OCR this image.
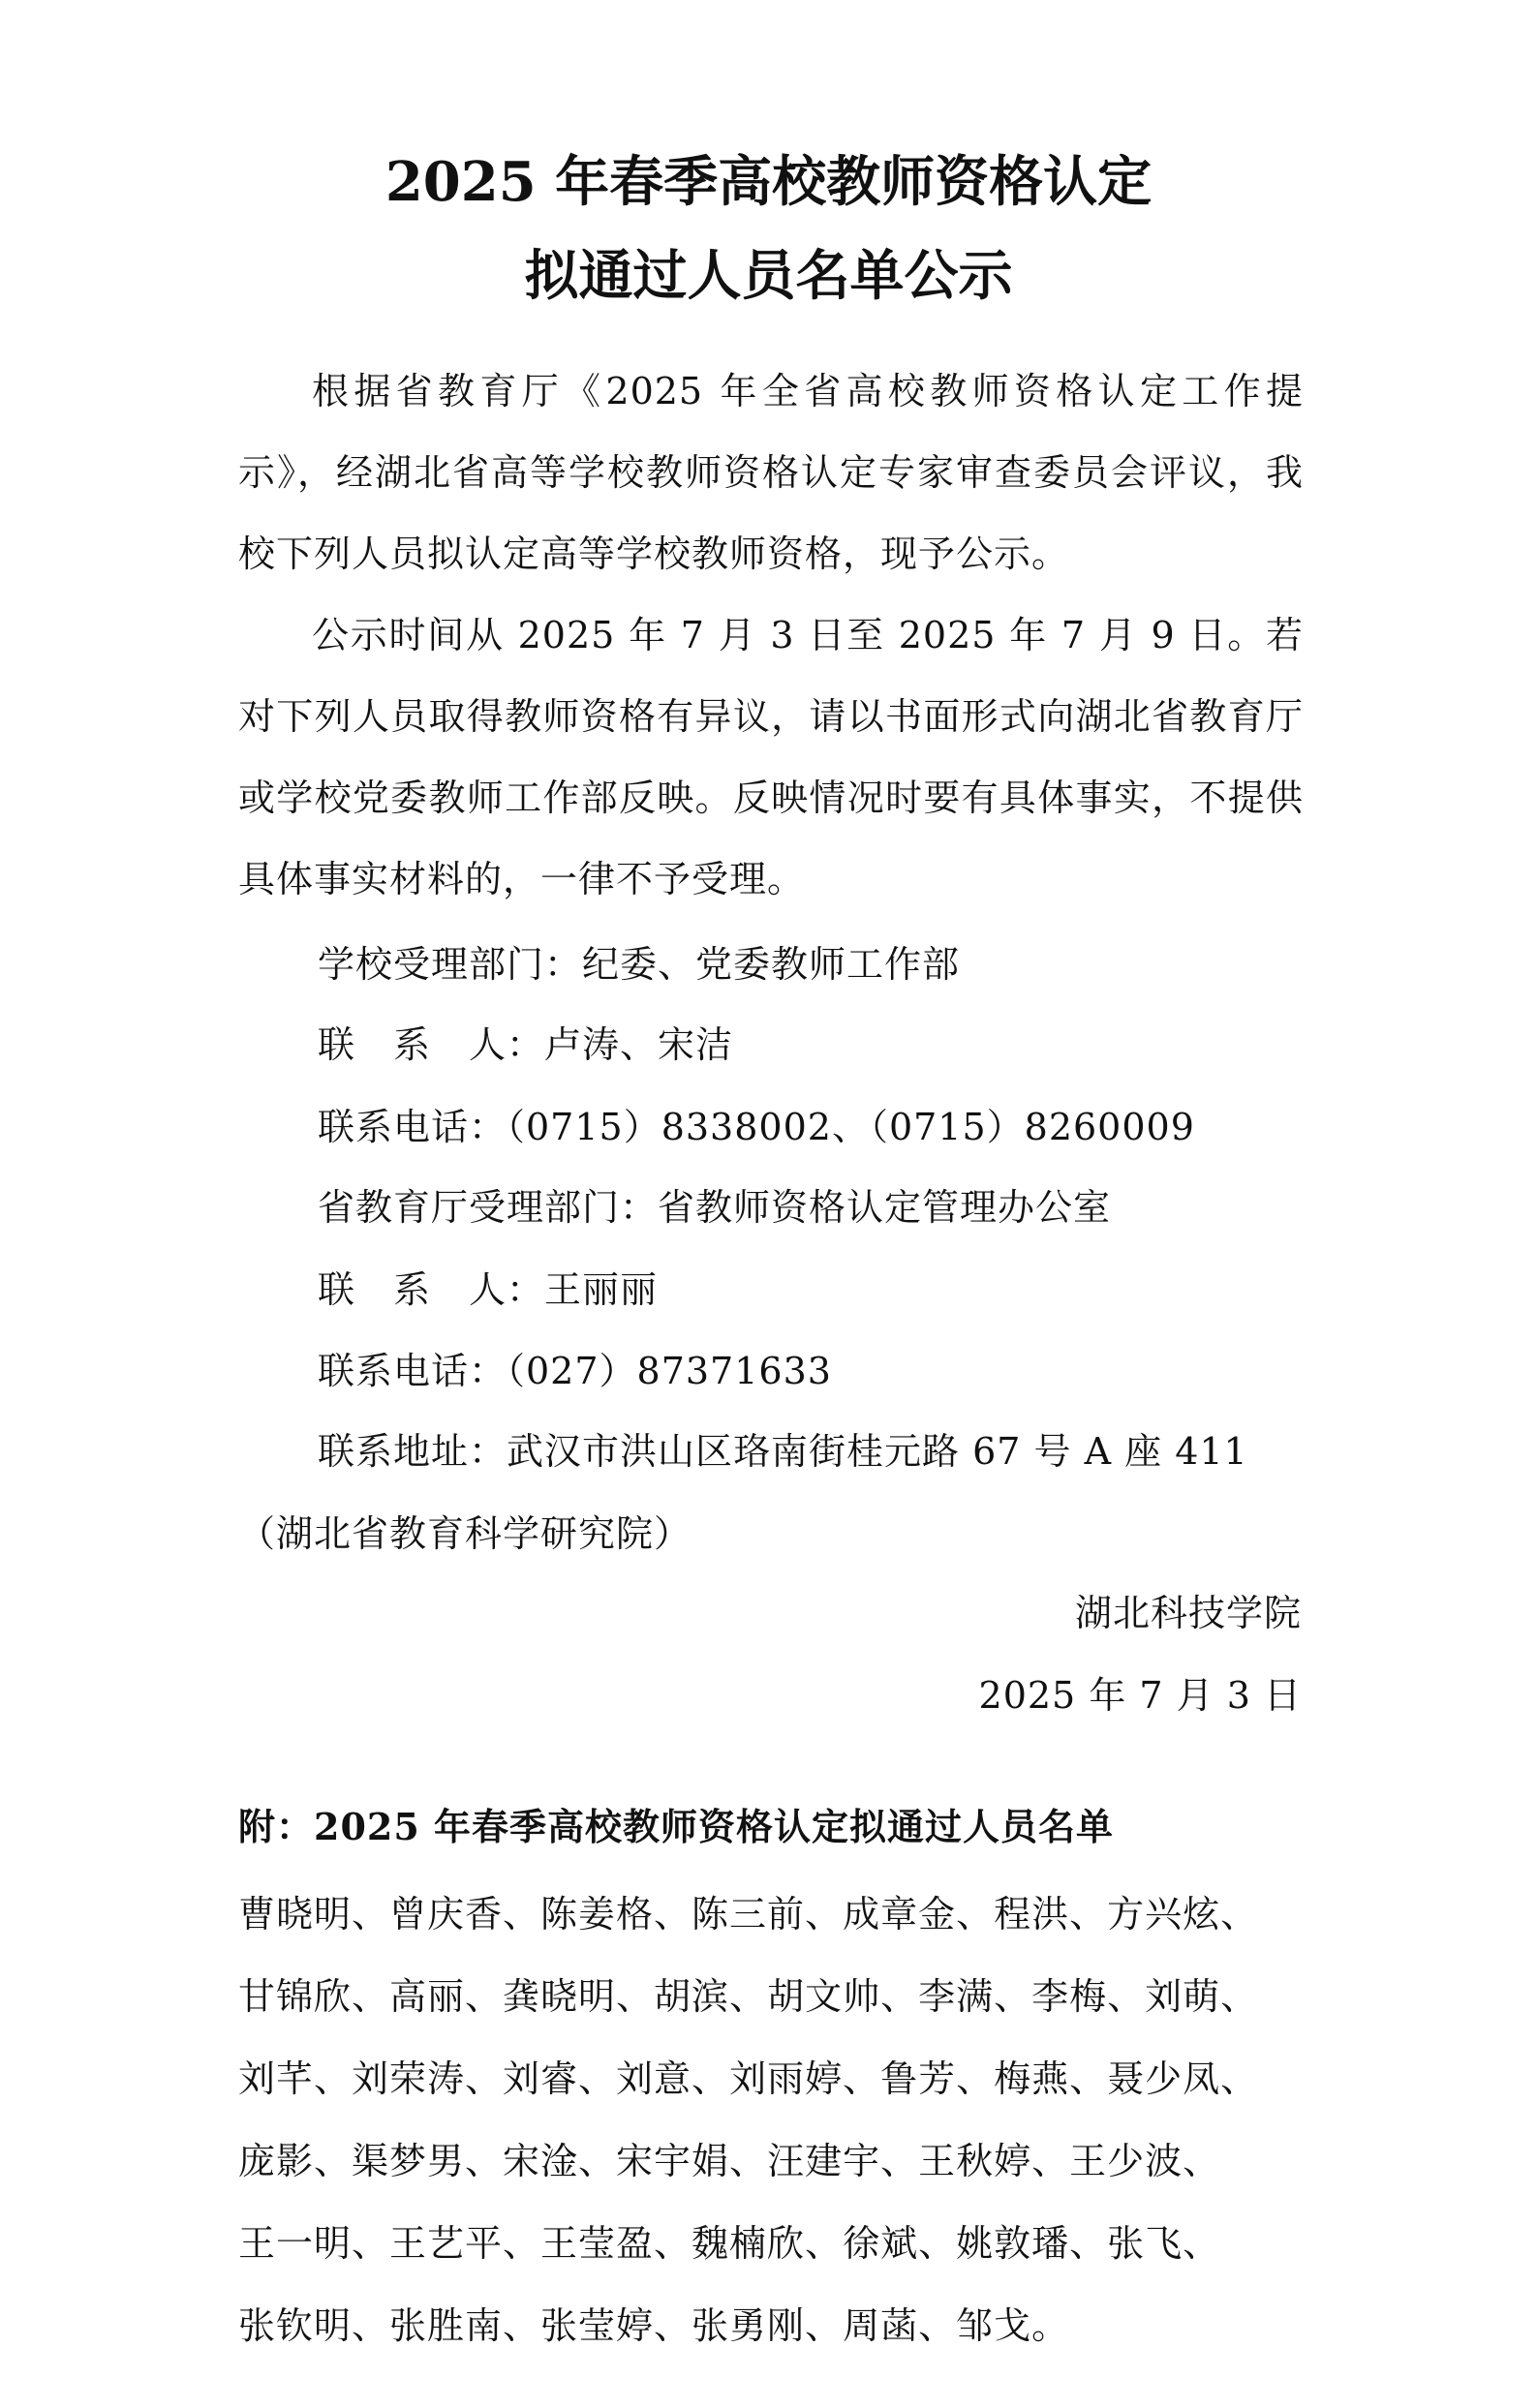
2025 年春季高校教师资格认定
拟通过人员名单公示

根据省教育厅《2025 年全省高校教师资格认定工作提示》，经湖北省高等学校教师资格认定专家审查委员会评议，我校下列人员拟认定高等学校教师资格，现予公示。

公示时间从 2025 年 7 月 3 日至 2025 年 7 月 9 日。若对下列人员取得教师资格有异议，请以书面形式向湖北省教育厅或学校党委教师工作部反映。反映情况时要有具体事实，不提供具体事实材料的，一律不予受理。

学校受理部门：纪委、党委教师工作部

联　系　人：卢涛、宋洁

联系电话：（0715）8338002、（0715）8260009

省教育厅受理部门：省教师资格认定管理办公室

联　系　人：王丽丽

联系电话：（027）87371633

联系地址：武汉市洪山区珞南街桂元路 67 号 A 座 411

（湖北省教育科学研究院）

湖北科技学院

2025 年 7 月 3 日

附：2025 年春季高校教师资格认定拟通过人员名单

曹晓明、曾庆香、陈姜格、陈三前、成章金、程洪、方兴炫、甘锦欣、高丽、龚晓明、胡滨、胡文帅、李满、李梅、刘萌、刘芊、刘荣涛、刘睿、刘意、刘雨婷、鲁芳、梅燕、聂少凤、庞影、渠梦男、宋淦、宋宇娟、汪建宇、王秋婷、王少波、王一明、王艺平、王莹盈、魏楠欣、徐斌、姚敦璠、张飞、张钦明、张胜南、张莹婷、张勇刚、周菡、邹戈。
